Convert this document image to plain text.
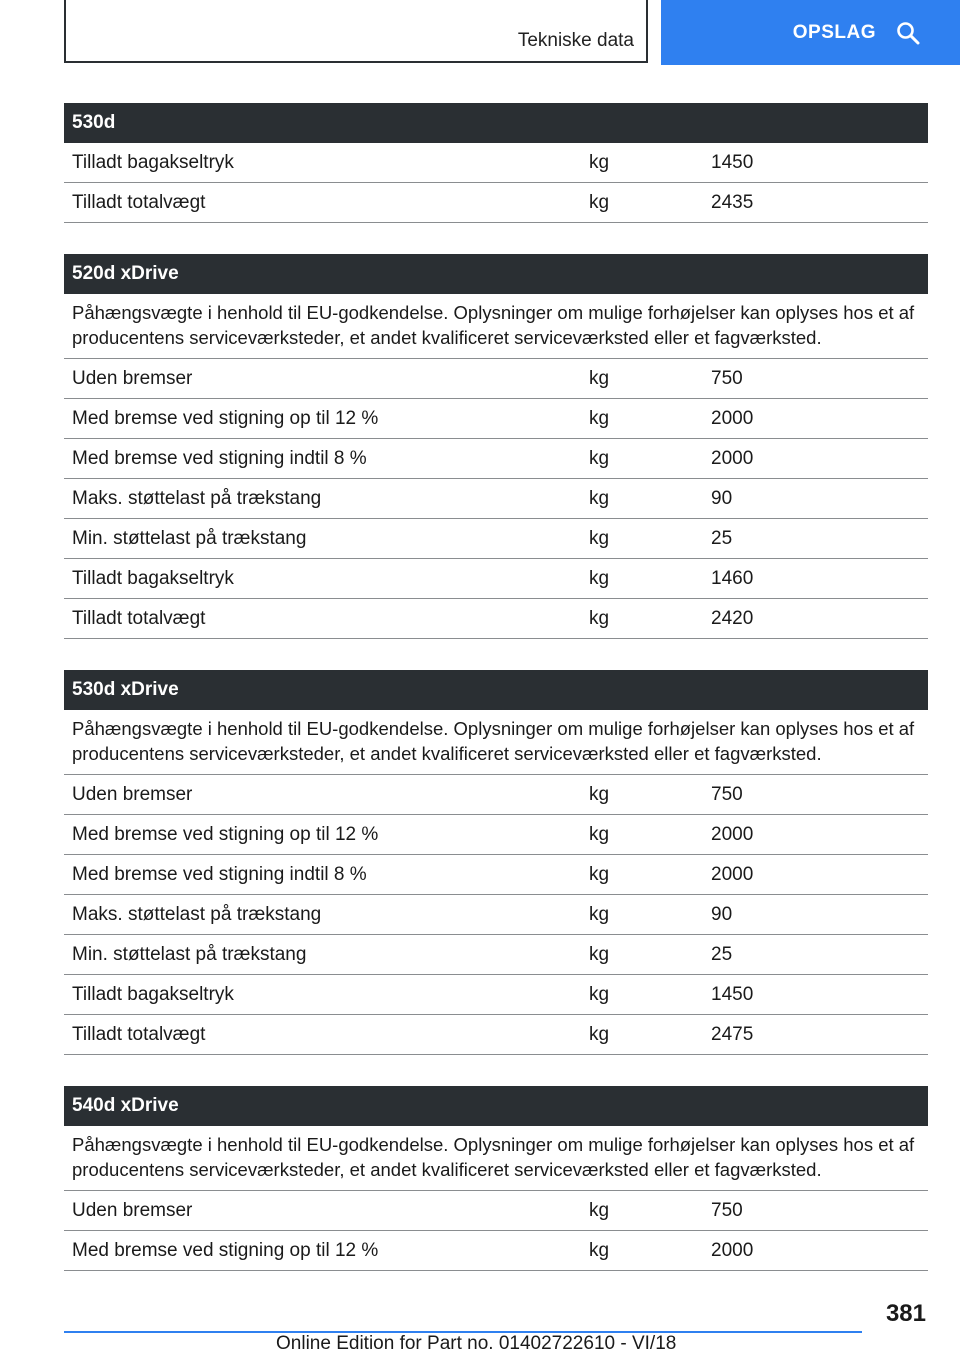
Tekniske data	OPSLAG
530d
Tilladt bagakseltryk	kg	1450
Tilladt totalvægt	kg	2435
520d xDrive
Påhængsvægte i henhold til EU-godkendelse. Oplysninger om mulige forhøjelser kan oplyses hos et af producentens serviceværksteder, et andet kvalificeret serviceværksted eller et fagværksted.
Uden bremser	kg	750
Med bremse ved stigning op til 12 %	kg	2000
Med bremse ved stigning indtil 8 %	kg	2000
Maks. støttelast på trækstang	kg	90
Min. støttelast på trækstang	kg	25
Tilladt bagakseltryk	kg	1460
Tilladt totalvægt	kg	2420
530d xDrive
Påhængsvægte i henhold til EU-godkendelse. Oplysninger om mulige forhøjelser kan oplyses hos et af producentens serviceværksteder, et andet kvalificeret serviceværksted eller et fagværksted.
Uden bremser	kg	750
Med bremse ved stigning op til 12 %	kg	2000
Med bremse ved stigning indtil 8 %	kg	2000
Maks. støttelast på trækstang	kg	90
Min. støttelast på trækstang	kg	25
Tilladt bagakseltryk	kg	1450
Tilladt totalvægt	kg	2475
540d xDrive
Påhængsvægte i henhold til EU-godkendelse. Oplysninger om mulige forhøjelser kan oplyses hos et af producentens serviceværksteder, et andet kvalificeret serviceværksted eller et fagværksted.
Uden bremser	kg	750
Med bremse ved stigning op til 12 %	kg	2000
381
Online Edition for Part no. 01402722610 - VI/18
